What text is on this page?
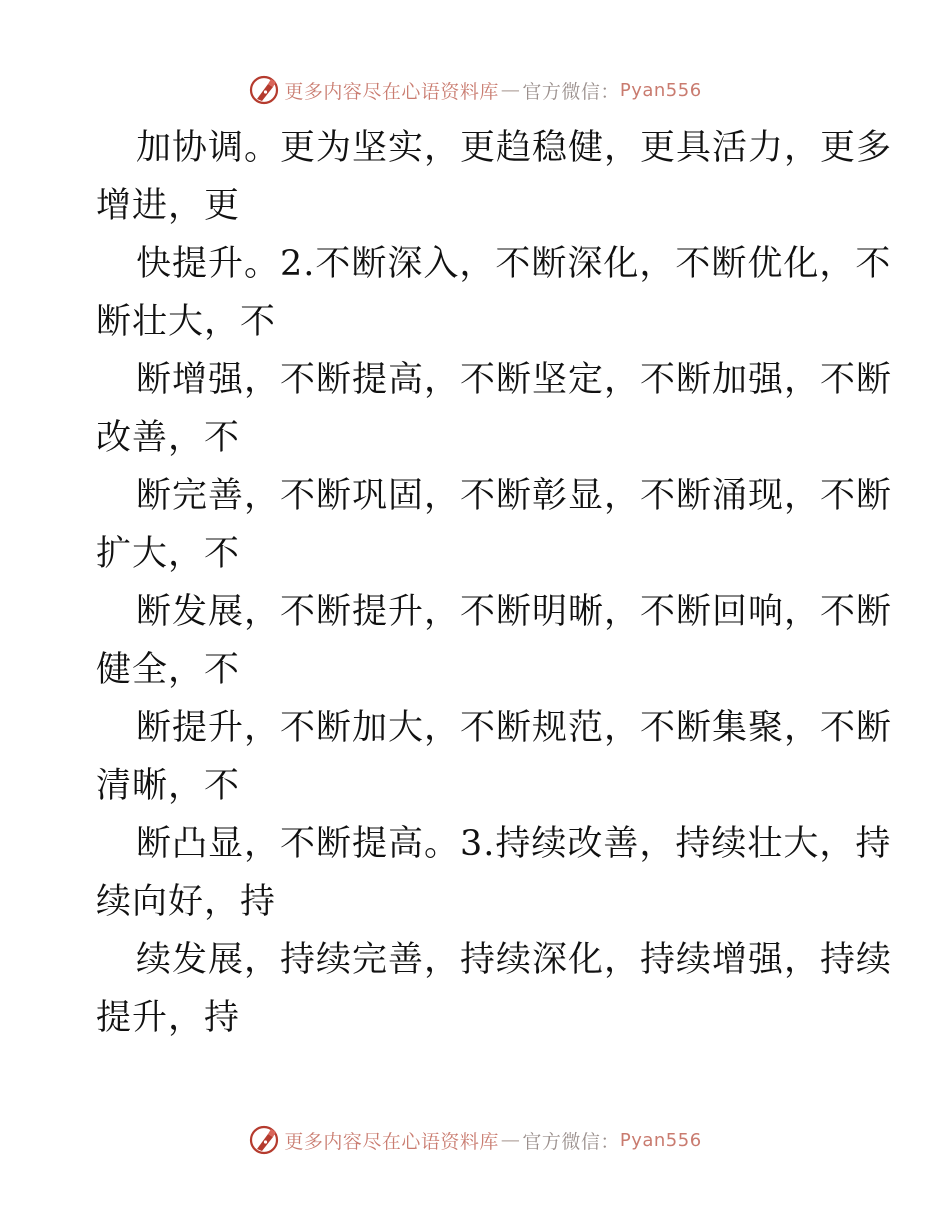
更多内容尽在心语资料库 — 官方微信： Pyan556

加协调。更为坚实，更趋稳健，更具活力，更多
增进，更

快提升。2.不断深入，不断深化，不断优化，不
断壮大，不

断增强，不断提高，不断坚定，不断加强，不断
改善，不

断完善，不断巩固，不断彰显，不断涌现，不断
扩大，不

断发展，不断提升，不断明晰，不断回响，不断
健全，不

断提升，不断加大，不断规范，不断集聚，不断
清晰，不

断凸显，不断提高。3.持续改善，持续壮大，持
续向好，持

续发展，持续完善，持续深化，持续增强，持续
提升，持

更多内容尽在心语资料库 — 官方微信： Pyan556
